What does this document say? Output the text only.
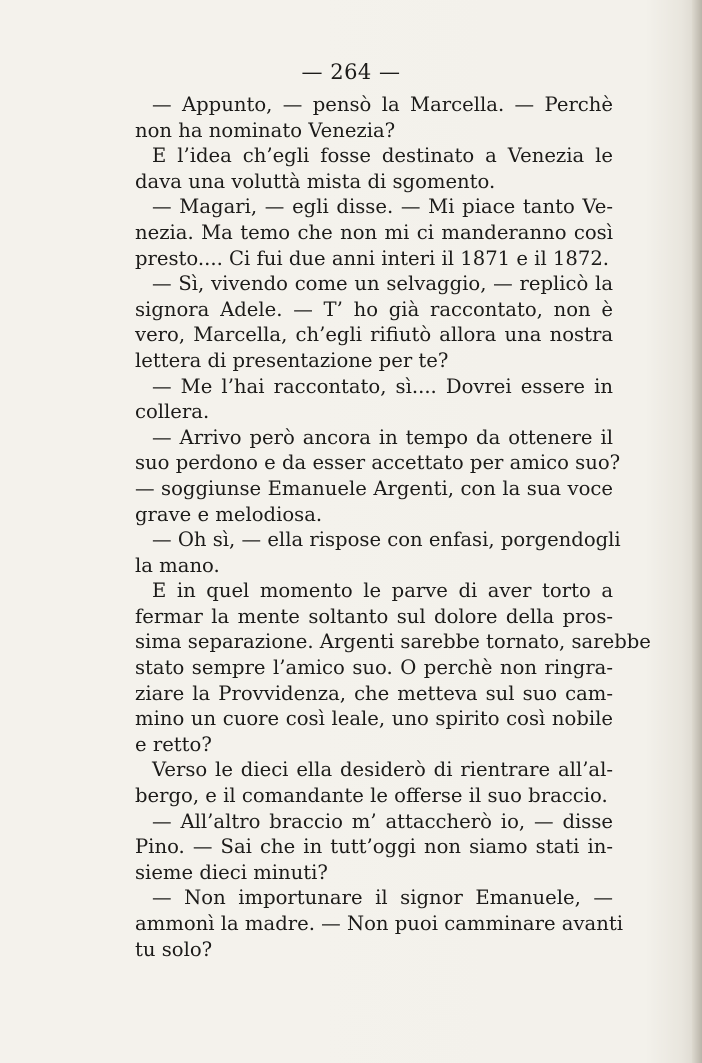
— 264 —
— Appunto, — pensò la Marcella. — Perchè
non ha nominato Venezia?
E l’idea ch’egli fosse destinato a Venezia le
dava una voluttà mista di sgomento.
— Magari, — egli disse. — Mi piace tanto Ve-
nezia. Ma temo che non mi ci manderanno così
presto.... Ci fui due anni interi il 1871 e il 1872.
— Sì, vivendo come un selvaggio, — replicò la
signora Adele. — T’ ho già raccontato, non è
vero, Marcella, ch’egli rifiutò allora una nostra
lettera di presentazione per te?
— Me l’hai raccontato, sì.... Dovrei essere in
collera.
— Arrivo però ancora in tempo da ottenere il
suo perdono e da esser accettato per amico suo?
— soggiunse Emanuele Argenti, con la sua voce
grave e melodiosa.
— Oh sì, — ella rispose con enfasi, porgendogli
la mano.
E in quel momento le parve di aver torto a
fermar la mente soltanto sul dolore della pros-
sima separazione. Argenti sarebbe tornato, sarebbe
stato sempre l’amico suo. O perchè non ringra-
ziare la Provvidenza, che metteva sul suo cam-
mino un cuore così leale, uno spirito così nobile
e retto?
Verso le dieci ella desiderò di rientrare all’al-
bergo, e il comandante le offerse il suo braccio.
— All’altro braccio m’ attaccherò io, — disse
Pino. — Sai che in tutt’oggi non siamo stati in-
sieme dieci minuti?
— Non importunare il signor Emanuele, —
ammonì la madre. — Non puoi camminare avanti
tu solo?
